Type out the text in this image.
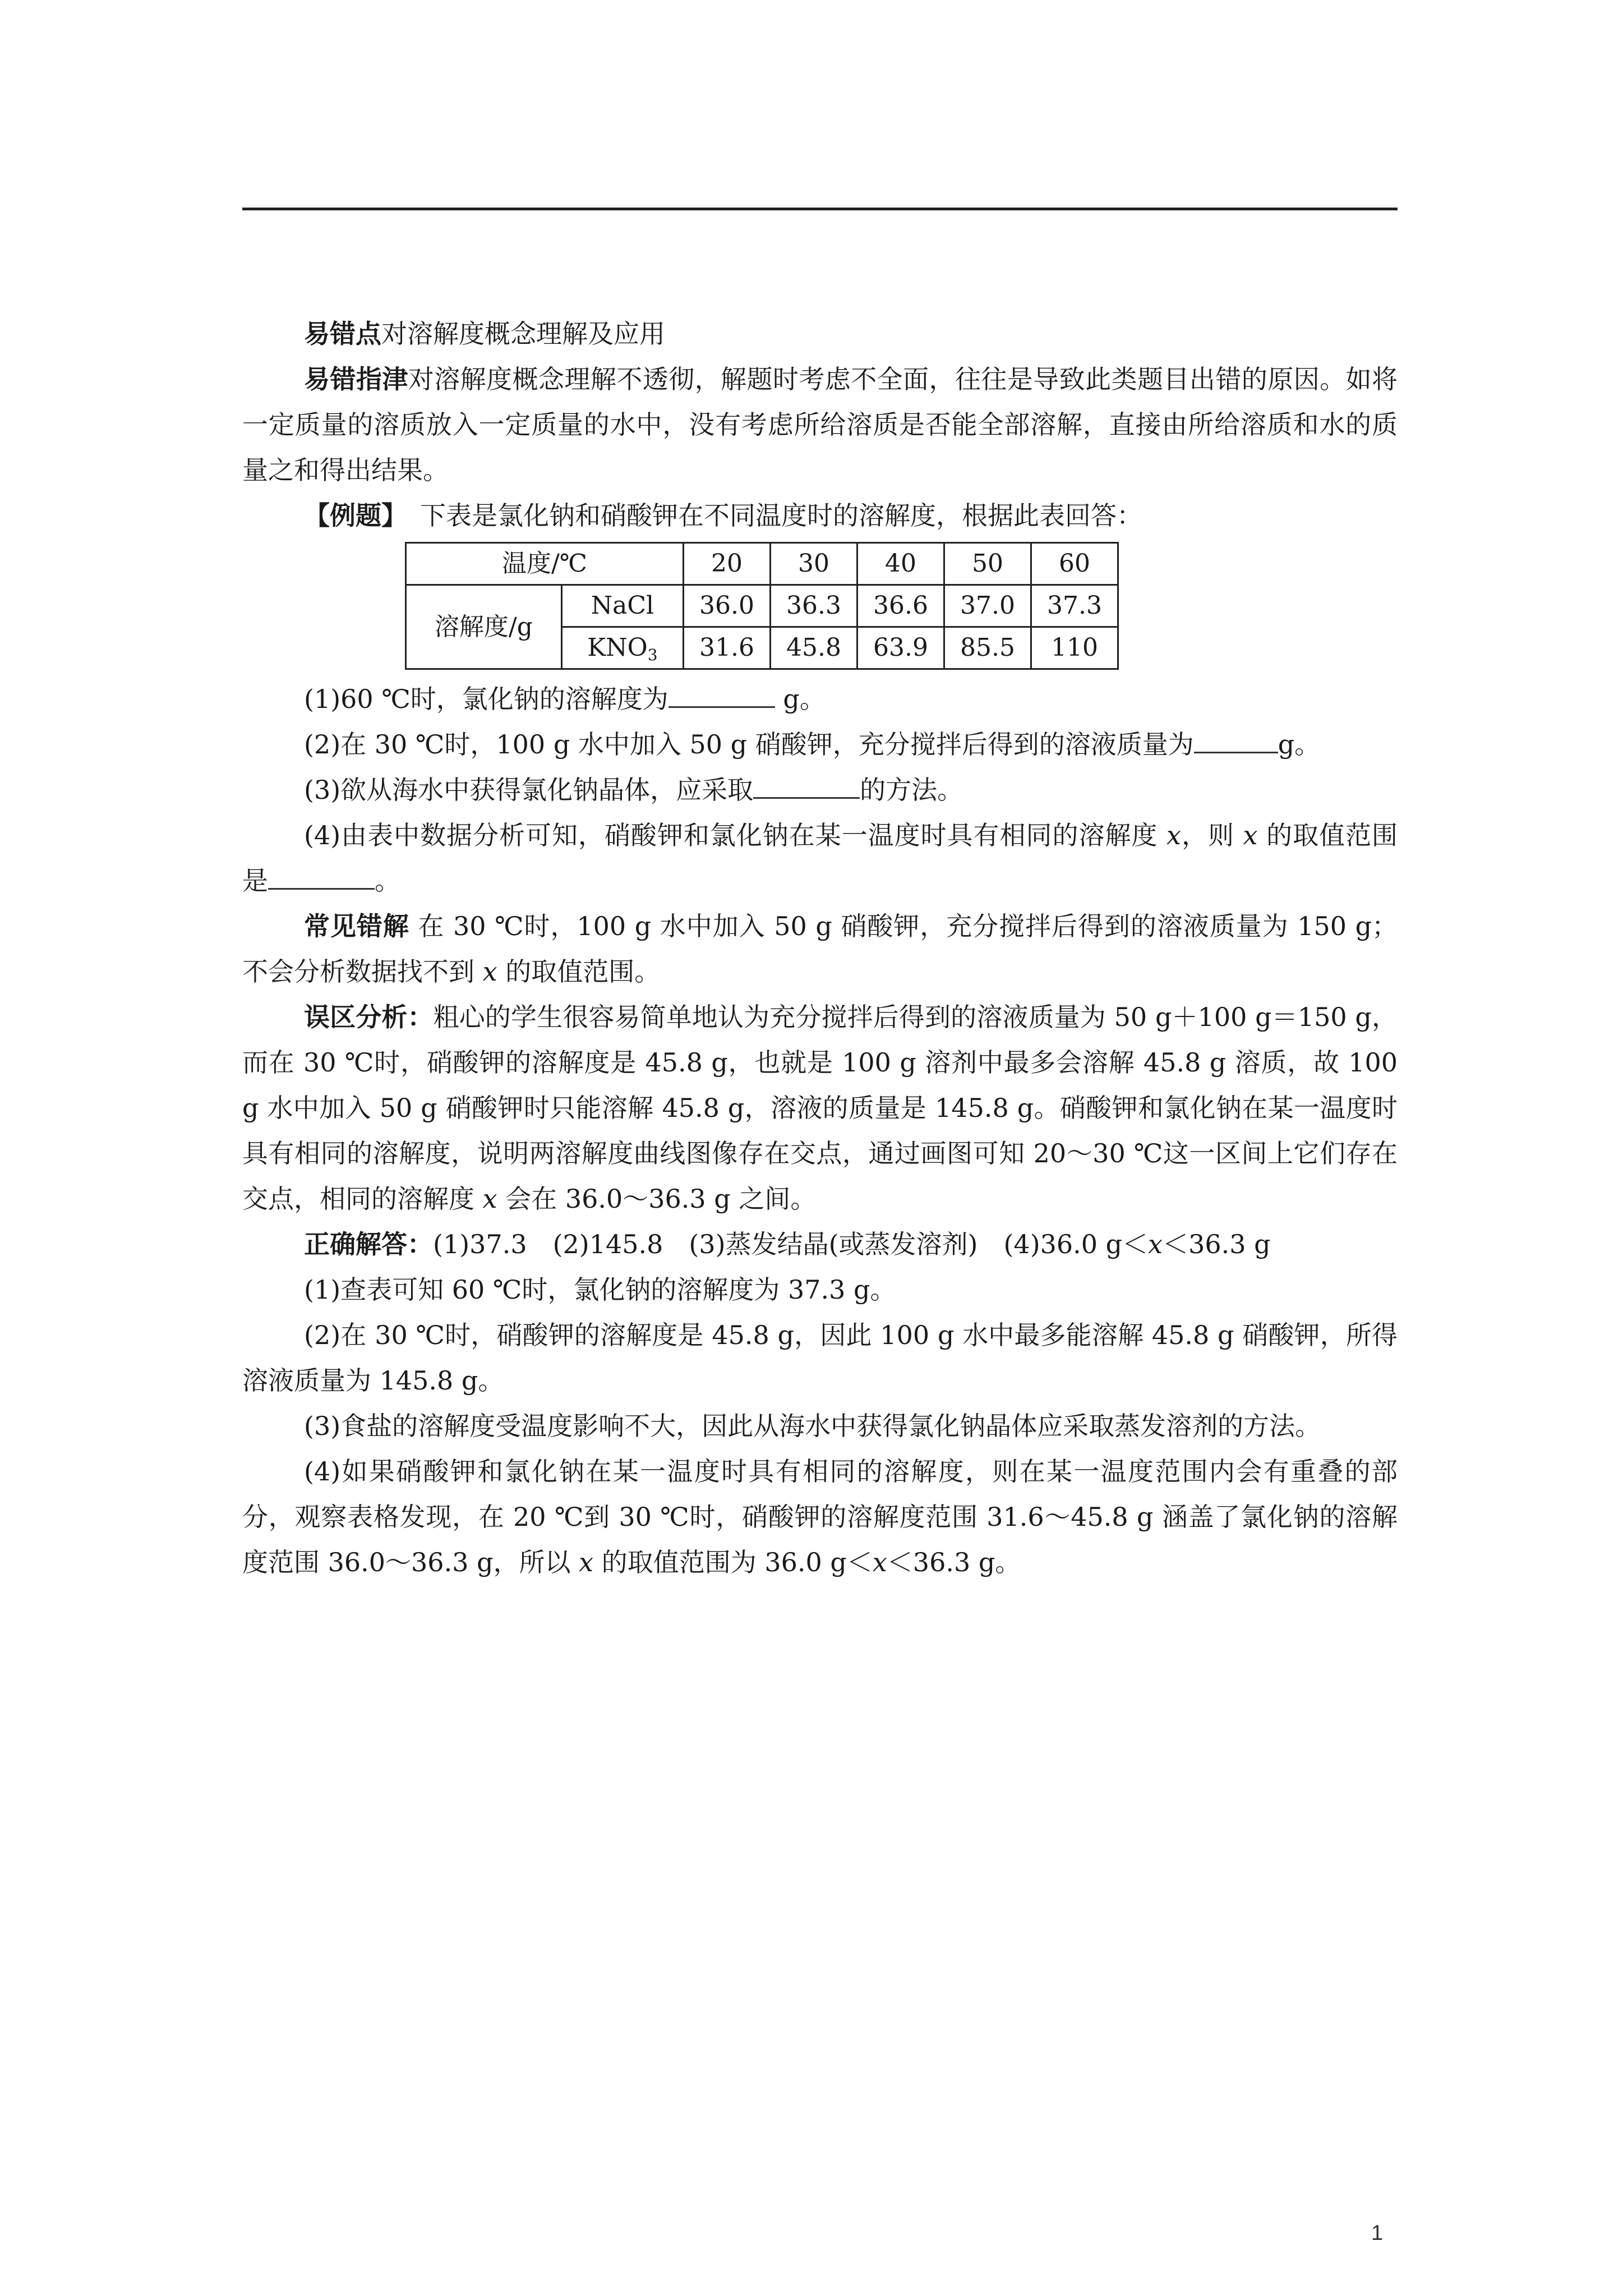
易错点对溶解度概念理解及应用

易错指津对溶解度概念理解不透彻，解题时考虑不全面，往往是导致此类题目出错的原因。如将一定质量的溶质放入一定质量的水中，没有考虑所给溶质是否能全部溶解，直接由所给溶质和水的质量之和得出结果。

【例题】　 下表是氯化钠和硝酸钾在不同温度时的溶解度，根据此表回答：

温度/℃		20	30	40	50	60
溶解度/g	NaCl	36.0	36.3	36.6	37.0	37.3
	$KNO_3$	31.6	45.8	63.9	85.5	110

(1)60 ℃时，氯化钠的溶解度为	g。

(2)在 30 ℃时，100 g 水中加入 50 g 硝酸钾，充分搅拌后得到的溶液质量为	g。

(3)欲从海水中获得氯化钠晶体，应采取	的方法。

(4)由表中数据分析可知，硝酸钾和氯化钠在某一温度时具有相同的溶解度 x，则 x 的取值范围是	。

常见错解 在 30 ℃时，100 g 水中加入 50 g 硝酸钾，充分搅拌后得到的溶液质量为 150 g；不会分析数据找不到 x 的取值范围。

误区分析：粗心的学生很容易简单地认为充分搅拌后得到的溶液质量为 50 g＋100 g＝150 g，而在 30 ℃时，硝酸钾的溶解度是 45.8 g，也就是 100 g 溶剂中最多会溶解 45.8 g 溶质，故 100 g 水中加入 50 g 硝酸钾时只能溶解 45.8 g，溶液的质量是 145.8 g。硝酸钾和氯化钠在某一温度时具有相同的溶解度，说明两溶解度曲线图像存在交点，通过画图可知 20～30 ℃这一区间上它们存在交点，相同的溶解度 x 会在 36.0～36.3 g 之间。

正确解答：(1)37.3　(2)145.8　(3)蒸发结晶(或蒸发溶剂)　(4)36.0 g＜x＜36.3 g

(1)查表可知 60 ℃时，氯化钠的溶解度为 37.3 g。

(2)在 30 ℃时，硝酸钾的溶解度是 45.8 g，因此 100 g 水中最多能溶解 45.8 g 硝酸钾，所得溶液质量为 145.8 g。

(3)食盐的溶解度受温度影响不大，因此从海水中获得氯化钠晶体应采取蒸发溶剂的方法。

(4)如果硝酸钾和氯化钠在某一温度时具有相同的溶解度，则在某一温度范围内会有重叠的部分，观察表格发现，在 20 ℃到 30 ℃时，硝酸钾的溶解度范围 31.6～45.8 g 涵盖了氯化钠的溶解度范围 36.0～36.3 g，所以 x 的取值范围为 36.0 g＜x＜36.3 g。

1
